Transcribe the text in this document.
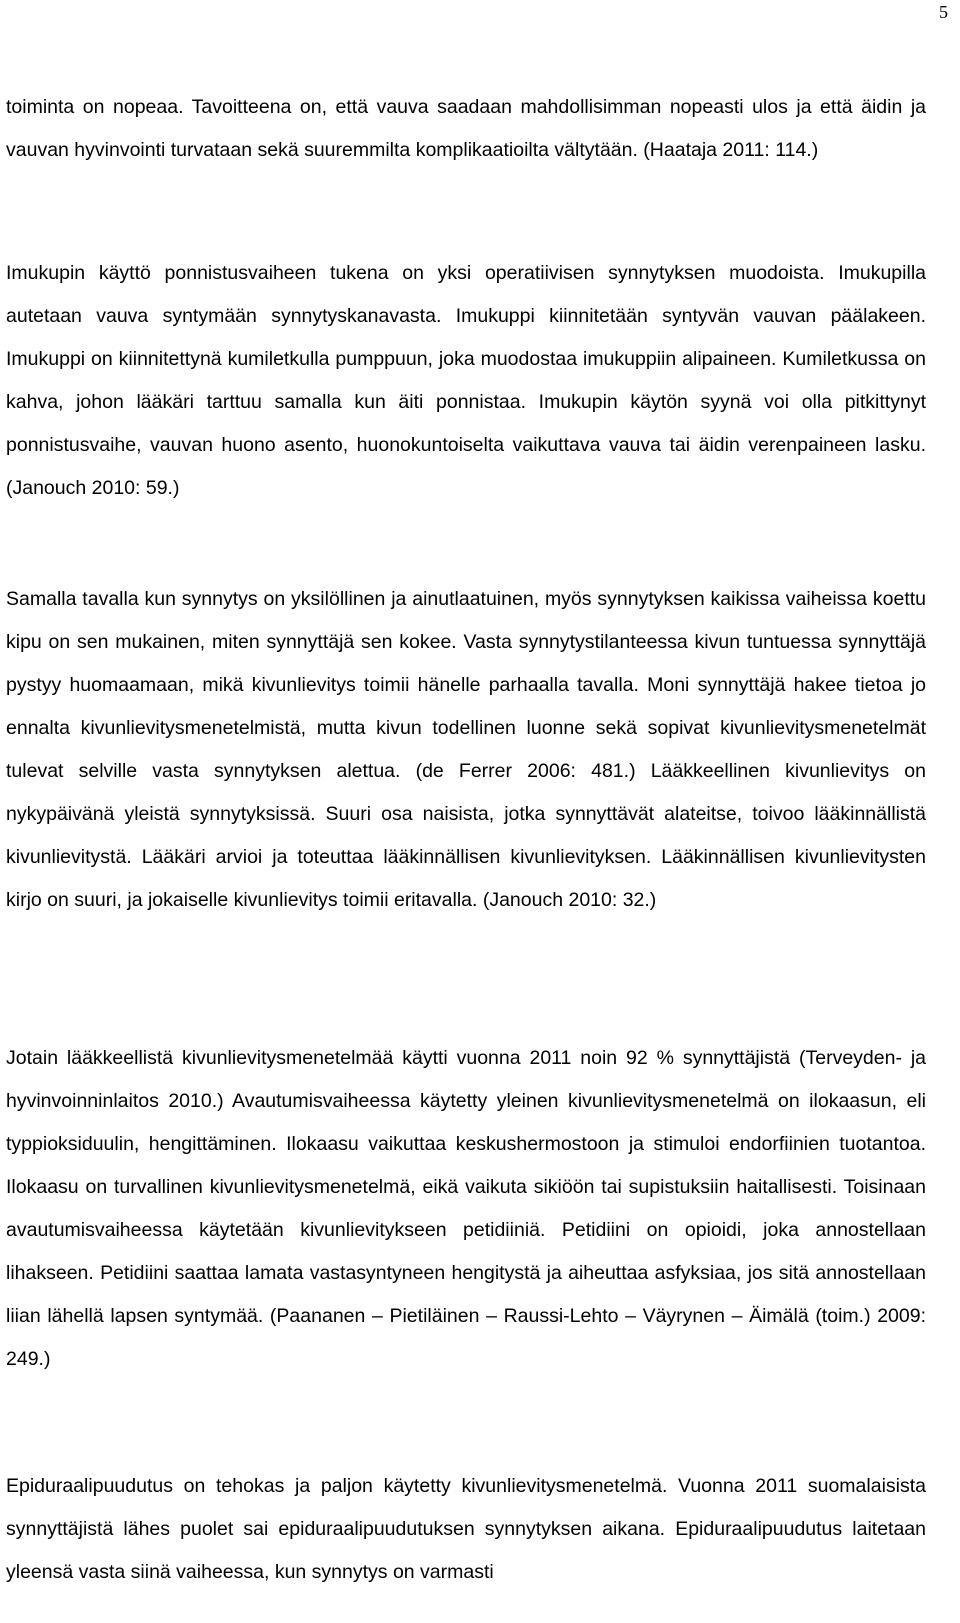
5

toiminta on nopeaa. Tavoitteena on, että vauva saadaan mahdollisimman nopeasti ulos ja että äidin ja vauvan hyvinvointi turvataan sekä suuremmilta komplikaatioilta vältytään. (Haataja 2011: 114.)

Imukupin käyttö ponnistusvaiheen tukena on yksi operatiivisen synnytyksen muodoista. Imukupilla autetaan vauva syntymään synnytyskanavasta. Imukuppi kiinnitetään syntyvän vauvan päälakeen. Imukuppi on kiinnitettynä kumiletkulla pumppuun, joka muodostaa imukuppiin alipaineen. Kumiletkussa on kahva, johon lääkäri tarttuu samalla kun äiti ponnistaa. Imukupin käytön syynä voi olla pitkittynyt ponnistusvaihe, vauvan huono asento, huonokuntoiselta vaikuttava vauva tai äidin verenpaineen lasku. (Janouch 2010: 59.)

Samalla tavalla kun synnytys on yksilöllinen ja ainutlaatuinen, myös synnytyksen kaikissa vaiheissa koettu kipu on sen mukainen, miten synnyttäjä sen kokee. Vasta synnytystilanteessa kivun tuntuessa synnyttäjä pystyy huomaamaan, mikä kivunlievitys toimii hänelle parhaalla tavalla. Moni synnyttäjä hakee tietoa jo ennalta kivunlievitysmenetelmistä, mutta kivun todellinen luonne sekä sopivat kivunlievitysmenetelmät tulevat selville vasta synnytyksen alettua. (de Ferrer 2006: 481.) Lääkkeellinen kivunlievitys on nykypäivänä yleistä synnytyksissä. Suuri osa naisista, jotka synnyttävät alateitse, toivoo lääkinnällistä kivunlievitystä. Lääkäri arvioi ja toteuttaa lääkinnällisen kivunlievityksen. Lääkinnällisen kivunlievitysten kirjo on suuri, ja jokaiselle kivunlievitys toimii eritavalla. (Janouch 2010: 32.)

Jotain lääkkeellistä kivunlievitysmenetelmää käytti vuonna 2011 noin 92 % synnyttäjistä (Terveyden- ja hyvinvoinninlaitos 2010.) Avautumisvaiheessa käytetty yleinen kivunlievitysmenetelmä on ilokaasun, eli typpioksiduulin, hengittäminen. Ilokaasu vaikuttaa keskushermostoon ja stimuloi endorfiinien tuotantoa. Ilokaasu on turvallinen kivunlievitysmenetelmä, eikä vaikuta sikiöön tai supistuksiin haitallisesti. Toisinaan avautumisvaiheessa käytetään kivunlievitykseen petidiiniä. Petidiini on opioidi, joka annostellaan lihakseen. Petidiini saattaa lamata vastasyntyneen hengitystä ja aiheuttaa asfyksiaa, jos sitä annostellaan liian lähellä lapsen syntymää. (Paananen – Pietiläinen – Raussi-Lehto – Väyrynen – Äimälä (toim.) 2009: 249.)

Epiduraalipuudutus on tehokas ja paljon käytetty kivunlievitysmenetelmä. Vuonna 2011 suomalaisista synnyttäjistä lähes puolet sai epiduraalipuudutuksen synnytyksen aikana. Epiduraalipuudutus laitetaan yleensä vasta siinä vaiheessa, kun synnytys on varmasti
